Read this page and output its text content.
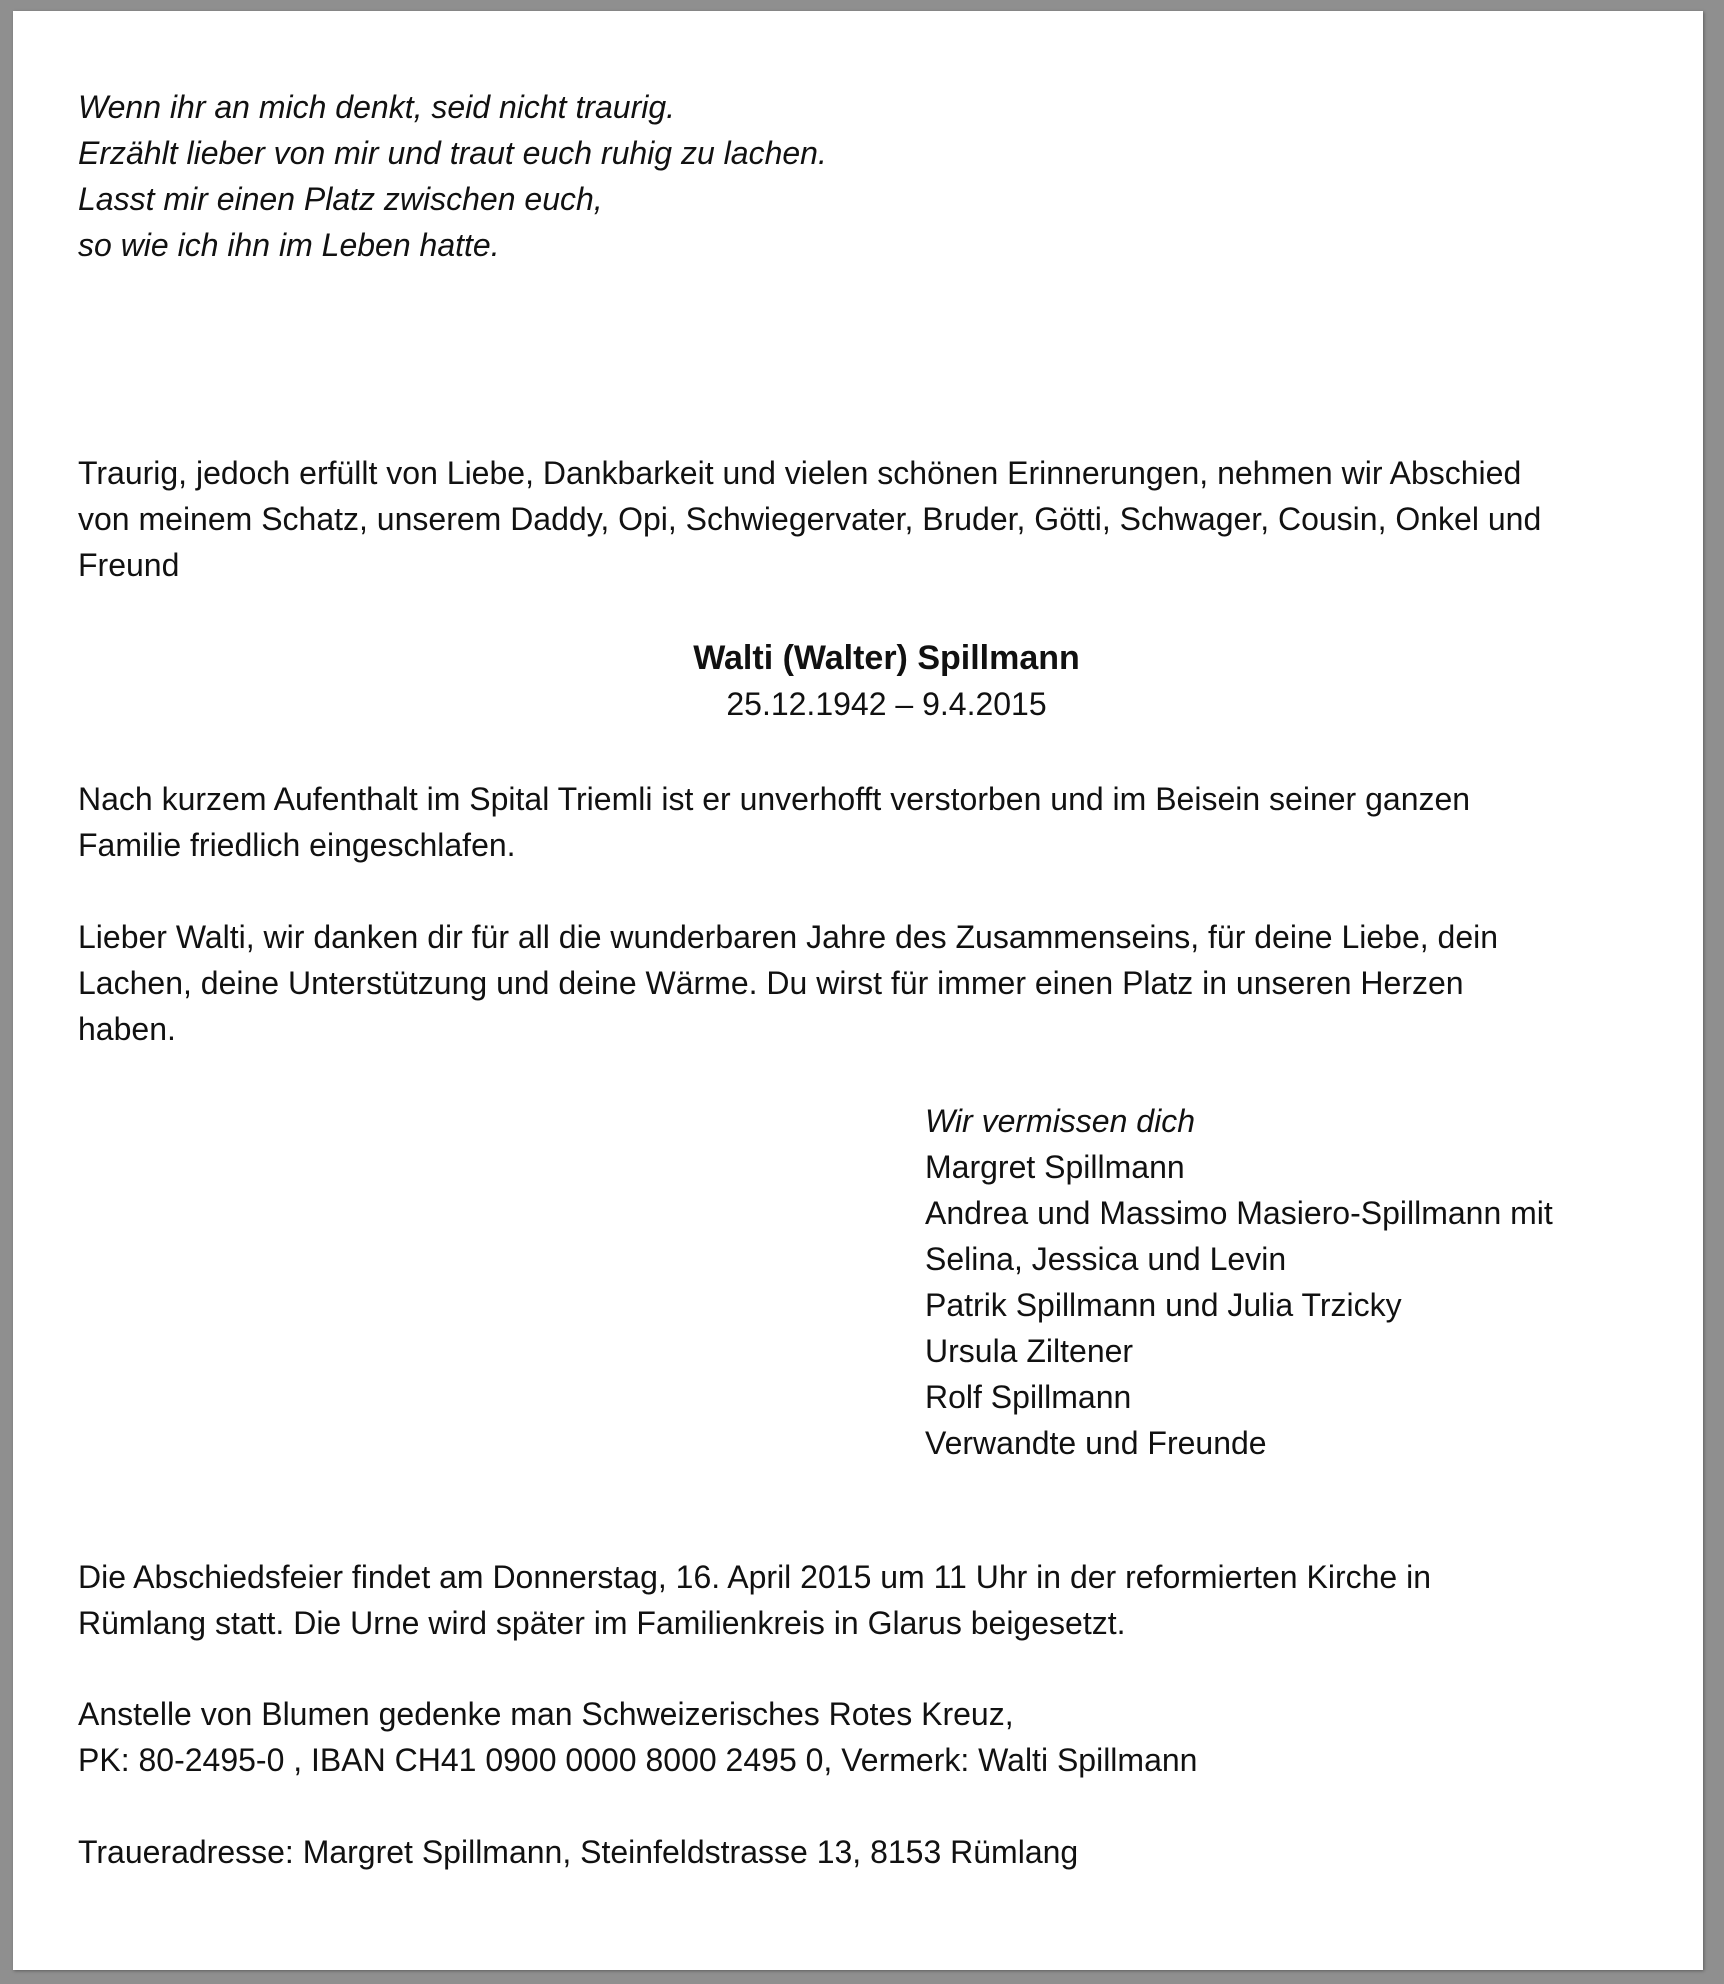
Wenn ihr an mich denkt, seid nicht traurig.
Erzählt lieber von mir und traut euch ruhig zu lachen.
Lasst mir einen Platz zwischen euch,
so wie ich ihn im Leben hatte.
Traurig, jedoch erfüllt von Liebe, Dankbarkeit und vielen schönen Erinnerungen, nehmen wir Abschied
von meinem Schatz, unserem Daddy, Opi, Schwiegervater, Bruder, Götti, Schwager, Cousin, Onkel und
Freund
Walti (Walter) Spillmann
25.12.1942 – 9.4.2015
Nach kurzem Aufenthalt im Spital Triemli ist er unverhofft verstorben und im Beisein seiner ganzen
Familie friedlich eingeschlafen.
Lieber Walti, wir danken dir für all die wunderbaren Jahre des Zusammenseins, für deine Liebe, dein
Lachen, deine Unterstützung und deine Wärme. Du wirst für immer einen Platz in unseren Herzen
haben.
Wir vermissen dich
Margret Spillmann
Andrea und Massimo Masiero-Spillmann mit
Selina, Jessica und Levin
Patrik Spillmann und Julia Trzicky
Ursula Ziltener
Rolf Spillmann
Verwandte und Freunde
Die Abschiedsfeier findet am Donnerstag, 16. April 2015 um 11 Uhr in der reformierten Kirche in
Rümlang statt. Die Urne wird später im Familienkreis in Glarus beigesetzt.
Anstelle von Blumen gedenke man Schweizerisches Rotes Kreuz,
PK: 80-2495-0 , IBAN CH41 0900 0000 8000 2495 0, Vermerk: Walti Spillmann
Traueradresse: Margret Spillmann, Steinfeldstrasse 13, 8153 Rümlang
